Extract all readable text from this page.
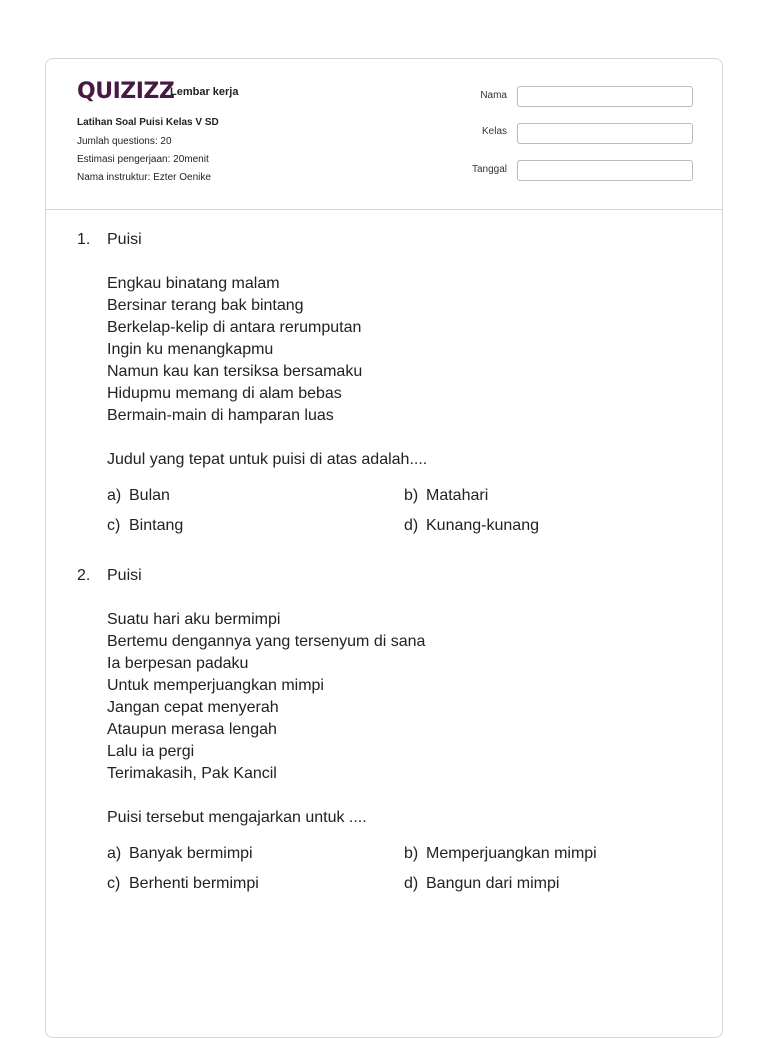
QUIZIZZ
Lembar kerja
Latihan Soal Puisi Kelas V SD
Jumlah questions: 20
Estimasi pengerjaan: 20menit
Nama instruktur: Ezter Oenike
Nama
Kelas
Tanggal
1. Puisi
Engkau binatang malam
Bersinar terang bak bintang
Berkelap-kelip di antara rerumputan
Ingin ku menangkapmu
Namun kau kan tersiksa bersamaku
Hidupmu memang di alam bebas
Bermain-main di hamparan luas
Judul yang tepat untuk puisi di atas adalah....
a) Bulan	b) Matahari
c) Bintang	d) Kunang-kunang
2. Puisi
Suatu hari aku bermimpi
Bertemu dengannya yang tersenyum di sana
Ia berpesan padaku
Untuk memperjuangkan mimpi
Jangan cepat menyerah
Ataupun merasa lengah
Lalu ia pergi
Terimakasih, Pak Kancil
Puisi tersebut mengajarkan untuk ....
a) Banyak bermimpi	b) Memperjuangkan mimpi
c) Berhenti bermimpi	d) Bangun dari mimpi
